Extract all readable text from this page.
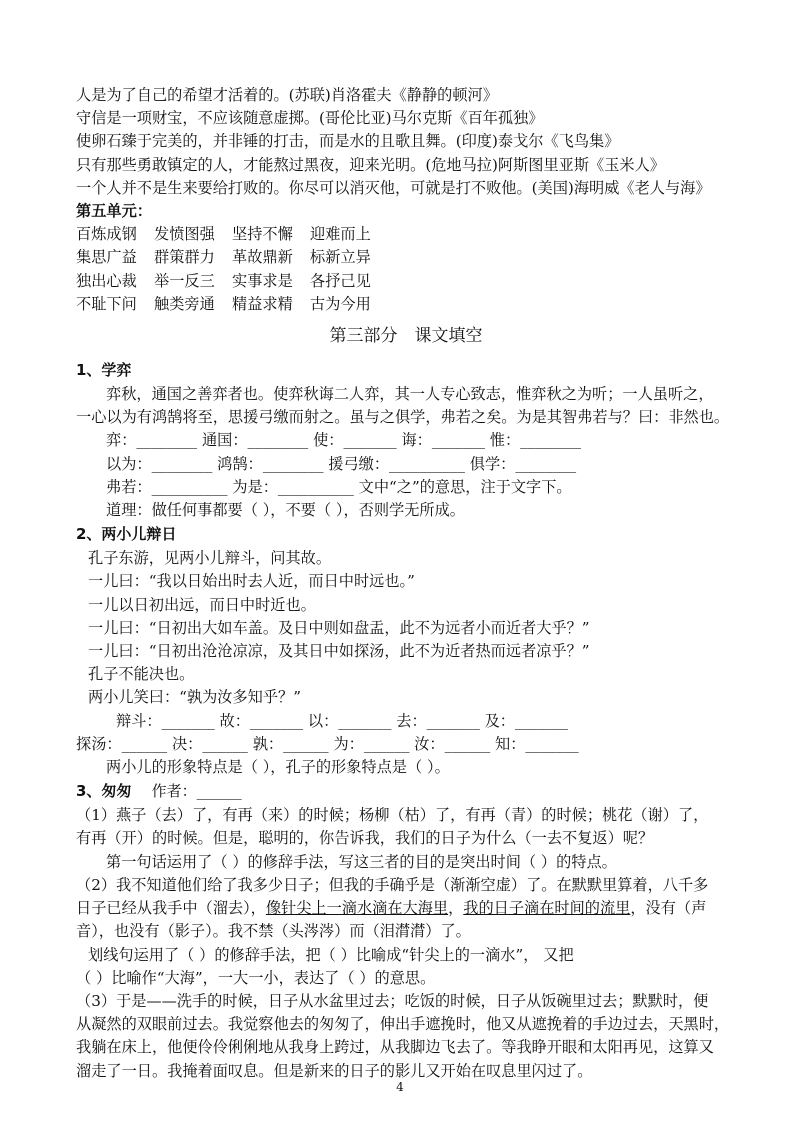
人是为了自己的希望才活着的。(苏联)肖洛霍夫《静静的顿河》
守信是一项财宝，不应该随意虚掷。(哥伦比亚)马尔克斯《百年孤独》
使卵石臻于完美的，并非锤的打击，而是水的且歌且舞。(印度)泰戈尔《飞鸟集》
只有那些勇敢镇定的人，才能熬过黑夜，迎来光明。(危地马拉)阿斯图里亚斯《玉米人》
一个人并不是生来要给打败的。你尽可以消灭他，可就是打不败他。(美国)海明威《老人与海》
第五单元：
百炼成钢 发愤图强 坚持不懈 迎难而上
集思广益 群策群力 革故鼎新 标新立异
独出心裁 举一反三 实事求是 各抒己见
不耻下问 触类旁通 精益求精 古为今用
第三部分　课文填空
1、学弈
弈秋，通国之善弈者也。使弈秋诲二人弈，其一人专心致志，惟弈秋之为听；一人虽听之，
一心以为有鸿鹄将至，思援弓缴而射之。虽与之俱学，弗若之矣。为是其智弗若与？曰：非然也。
弈：________ 通国：________ 使：_______ 诲：_______ 惟：________
以为：________ 鸿鹄：________ 援弓缴：__________ 俱学：________
弗若：__________ 为是：__________ 文中“之”的意思，注于文字下。
道理：做任何事都要（ ），不要（ ），否则学无所成。
2、两小儿辩日
孔子东游，见两小儿辩斗，问其故。
一儿曰：“我以日始出时去人近，而日中时远也。”
一儿以日初出远，而日中时近也。
一儿曰：“日初出大如车盖。及日中则如盘盂，此不为远者小而近者大乎？”
一儿曰：“日初出沧沧凉凉，及其日中如探汤，此不为近者热而远者凉乎？”
孔子不能决也。
两小儿笑曰：“孰为汝多知乎？”
辩斗：_______ 故：_______ 以：_______ 去：_______ 及：_______
探汤：______ 决：______ 孰：______ 为：______ 汝：______ 知：_______
两小儿的形象特点是（ ），孔子的形象特点是（ ）。
3、匆匆　 作者：______
（1）燕子（去）了，有再（来）的时候；杨柳（枯）了，有再（青）的时候；桃花（谢）了，
有再（开）的时候。但是，聪明的，你告诉我，我们的日子为什么（一去不复返）呢？
第一句话运用了（ ）的修辞手法，写这三者的目的是突出时间（ ）的特点。
（2）我不知道他们给了我多少日子；但我的手确乎是（渐渐空虚）了。在默默里算着，八千多
日子已经从我手中（溜去），像针尖上一滴水滴在大海里，我的日子滴在时间的流里，没有（声
音），也没有（影子）。我不禁（头涔涔）而（泪潸潸）了。
划线句运用了（ ）的修辞手法，把（ ）比喻成“针尖上的一滴水”， 又把
（ ）比喻作“大海”，一大一小，表达了（ ）的意思。
（3）于是——洗手的时候，日子从水盆里过去；吃饭的时候，日子从饭碗里过去；默默时，便
从凝然的双眼前过去。我觉察他去的匆匆了，伸出手遮挽时，他又从遮挽着的手边过去，天黑时，
我躺在床上，他便伶伶俐俐地从我身上跨过，从我脚边飞去了。等我睁开眼和太阳再见，这算又
溜走了一日。我掩着面叹息。但是新来的日子的影儿又开始在叹息里闪过了。
4
